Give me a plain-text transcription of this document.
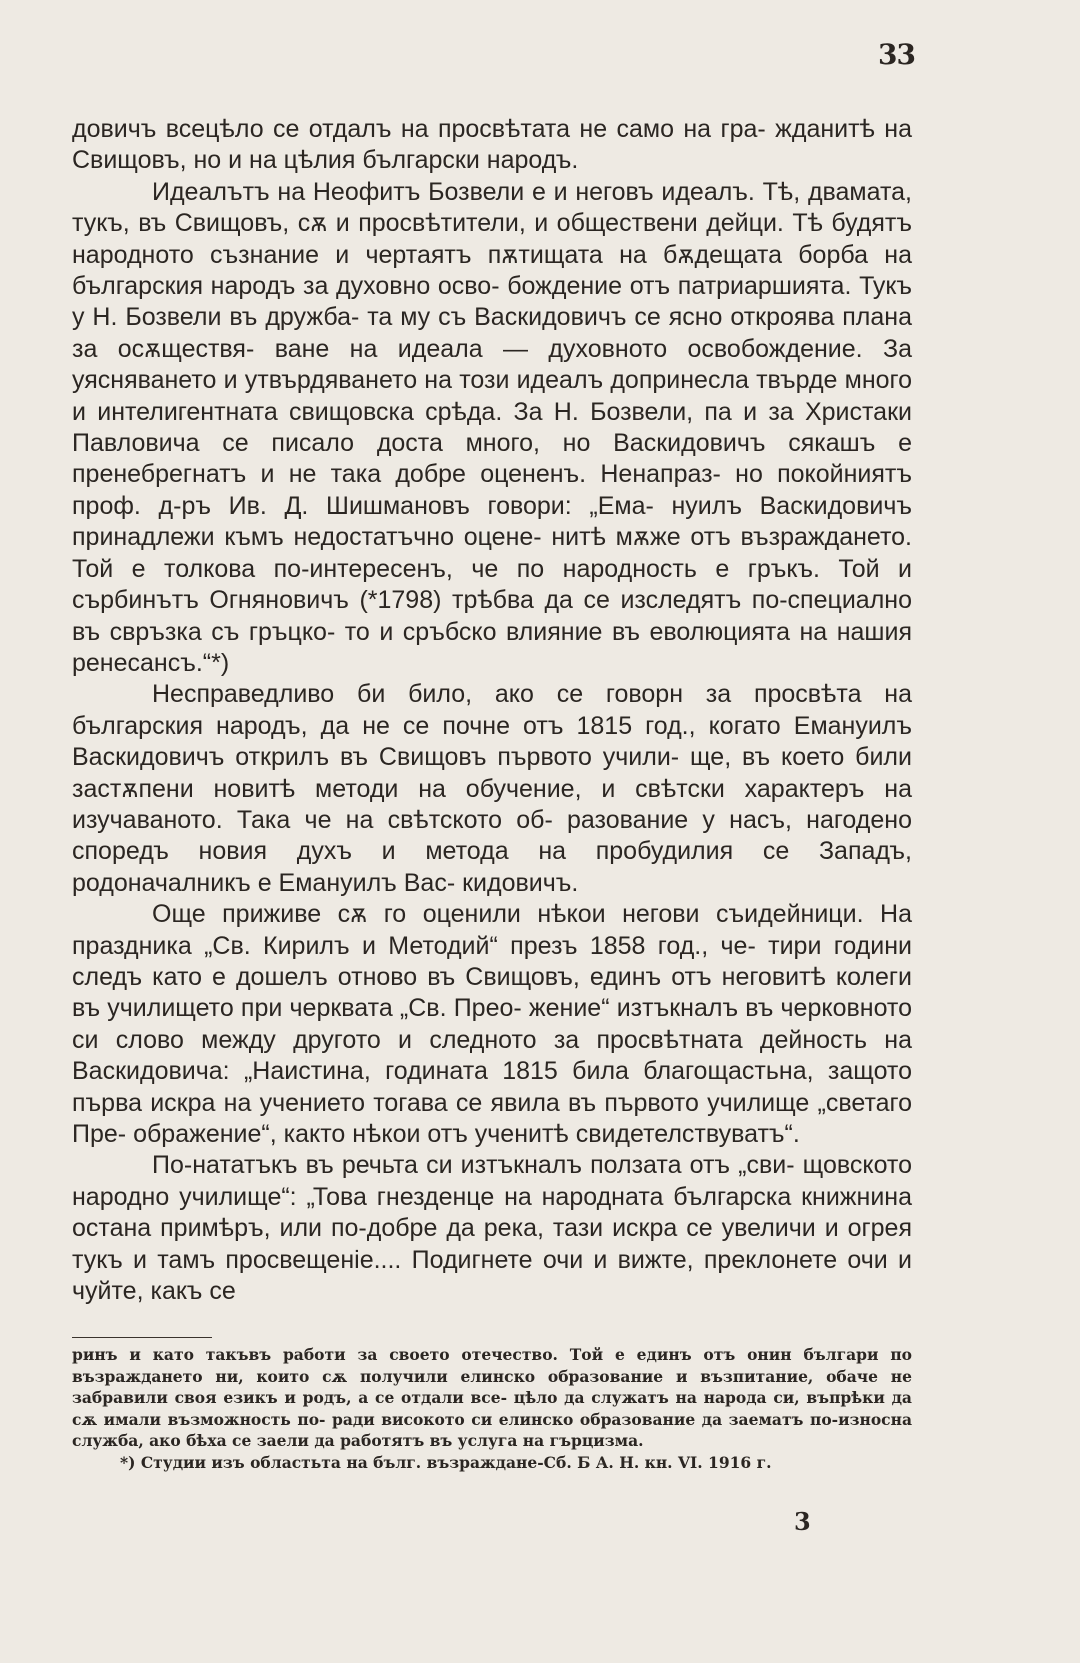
33

довичъ всецѣло се отдалъ на просвѣтата не само на гра- жданитѣ на Свищовъ, но и на цѣлия български народъ.

Идеалътъ на Неофитъ Бозвели е и неговъ идеалъ. Тѣ, двамата, тукъ, въ Свищовъ, сѫ и просвѣтители, и обществени дейци. Тѣ будятъ народното съзнание и чертаятъ пѫтищата на бѫдещата борба на българския народъ за духовно осво- бождение отъ патриаршията. Тукъ у Н. Бозвели въ дружба- та му съ Васкидовичъ се ясно откроява плана за осѫществя- ване на идеала — духовното освобождение. За уясняването и утвърдяването на този идеалъ допринесла твърде много и интелигентната свищовска срѣда. За Н. Бозвели, па и за Христаки Павловича се писало доста много, но Васкидовичъ сякашъ е пренебрегнатъ и не така добре оцененъ. Ненапраз- но покойниятъ проф. д-ръ Ив. Д. Шишмановъ говори: „Ема- нуилъ Васкидовичъ принадлежи къмъ недостатъчно оцене- нитѣ мѫже отъ възраждането. Той е толкова по-интересенъ, че по народность е гръкъ. Той и сърбинътъ Огняновичъ (*1798) трѣбва да се изследятъ по-специално въ свръзка съ гръцко- то и сръбско влияние въ еволюцията на нашия ренесансъ.“*)

Несправедливо би било, ако се говорн за просвѣта на българския народъ, да не се почне отъ 1815 год., когато Емануилъ Васкидовичъ открилъ въ Свищовъ първото учили- ще, въ което били застѫпени новитѣ методи на обучение, и свѣтски характеръ на изучаваното. Така че на свѣтското об- разование у насъ, нагодено споредъ новия духъ и метода на пробудилия се Западъ, родоначалникъ е Емануилъ Вас- кидовичъ.

Още приживе сѫ го оценили нѣкои негови съидейници. На праздника „Св. Кирилъ и Методий“ презъ 1858 год., че- тири години следъ като е дошелъ отново въ Свищовъ, единъ отъ неговитѣ колеги въ училището при черквата „Св. Прео- жение“ изтъкналъ въ черковното си слово между другото и следното за просвѣтната дейность на Васкидовича: „Наистина, годината 1815 била благощастьна, защото първа искра на учението тогава се явила въ първото училище „светаго Пре- ображение“, както нѣкои отъ ученитѣ свидетелствуватъ“.

По-нататъкъ въ речьта си изтъкналъ ползата отъ „сви- щовското народно училище“: „Това гнезденце на народната българска книжнина остана примѣръ, или по-добре да река, тази искра се увеличи и огрея тукъ и тамъ просвещеніе.... Подигнете очи и вижте, преклонете очи и чуйте, какъ се

ринъ и като такъвъ работи за своето отечество. Той е единъ отъ онин българи по възраждането ни, които сѫ получили елинско образование и възпитание, обаче не забравили своя езикъ и родъ, а се отдали все- цѣло да служатъ на народа си, въпрѣки да сѫ имали възможность по- ради високото си елинско образование да заематъ по-износна служба, ако бѣха се заели да работятъ въ услуга на гърцизма.

*) Студии изъ областьта на бълг. възраждане-Сб. Б А. Н. кн. VI. 1916 г.

3
